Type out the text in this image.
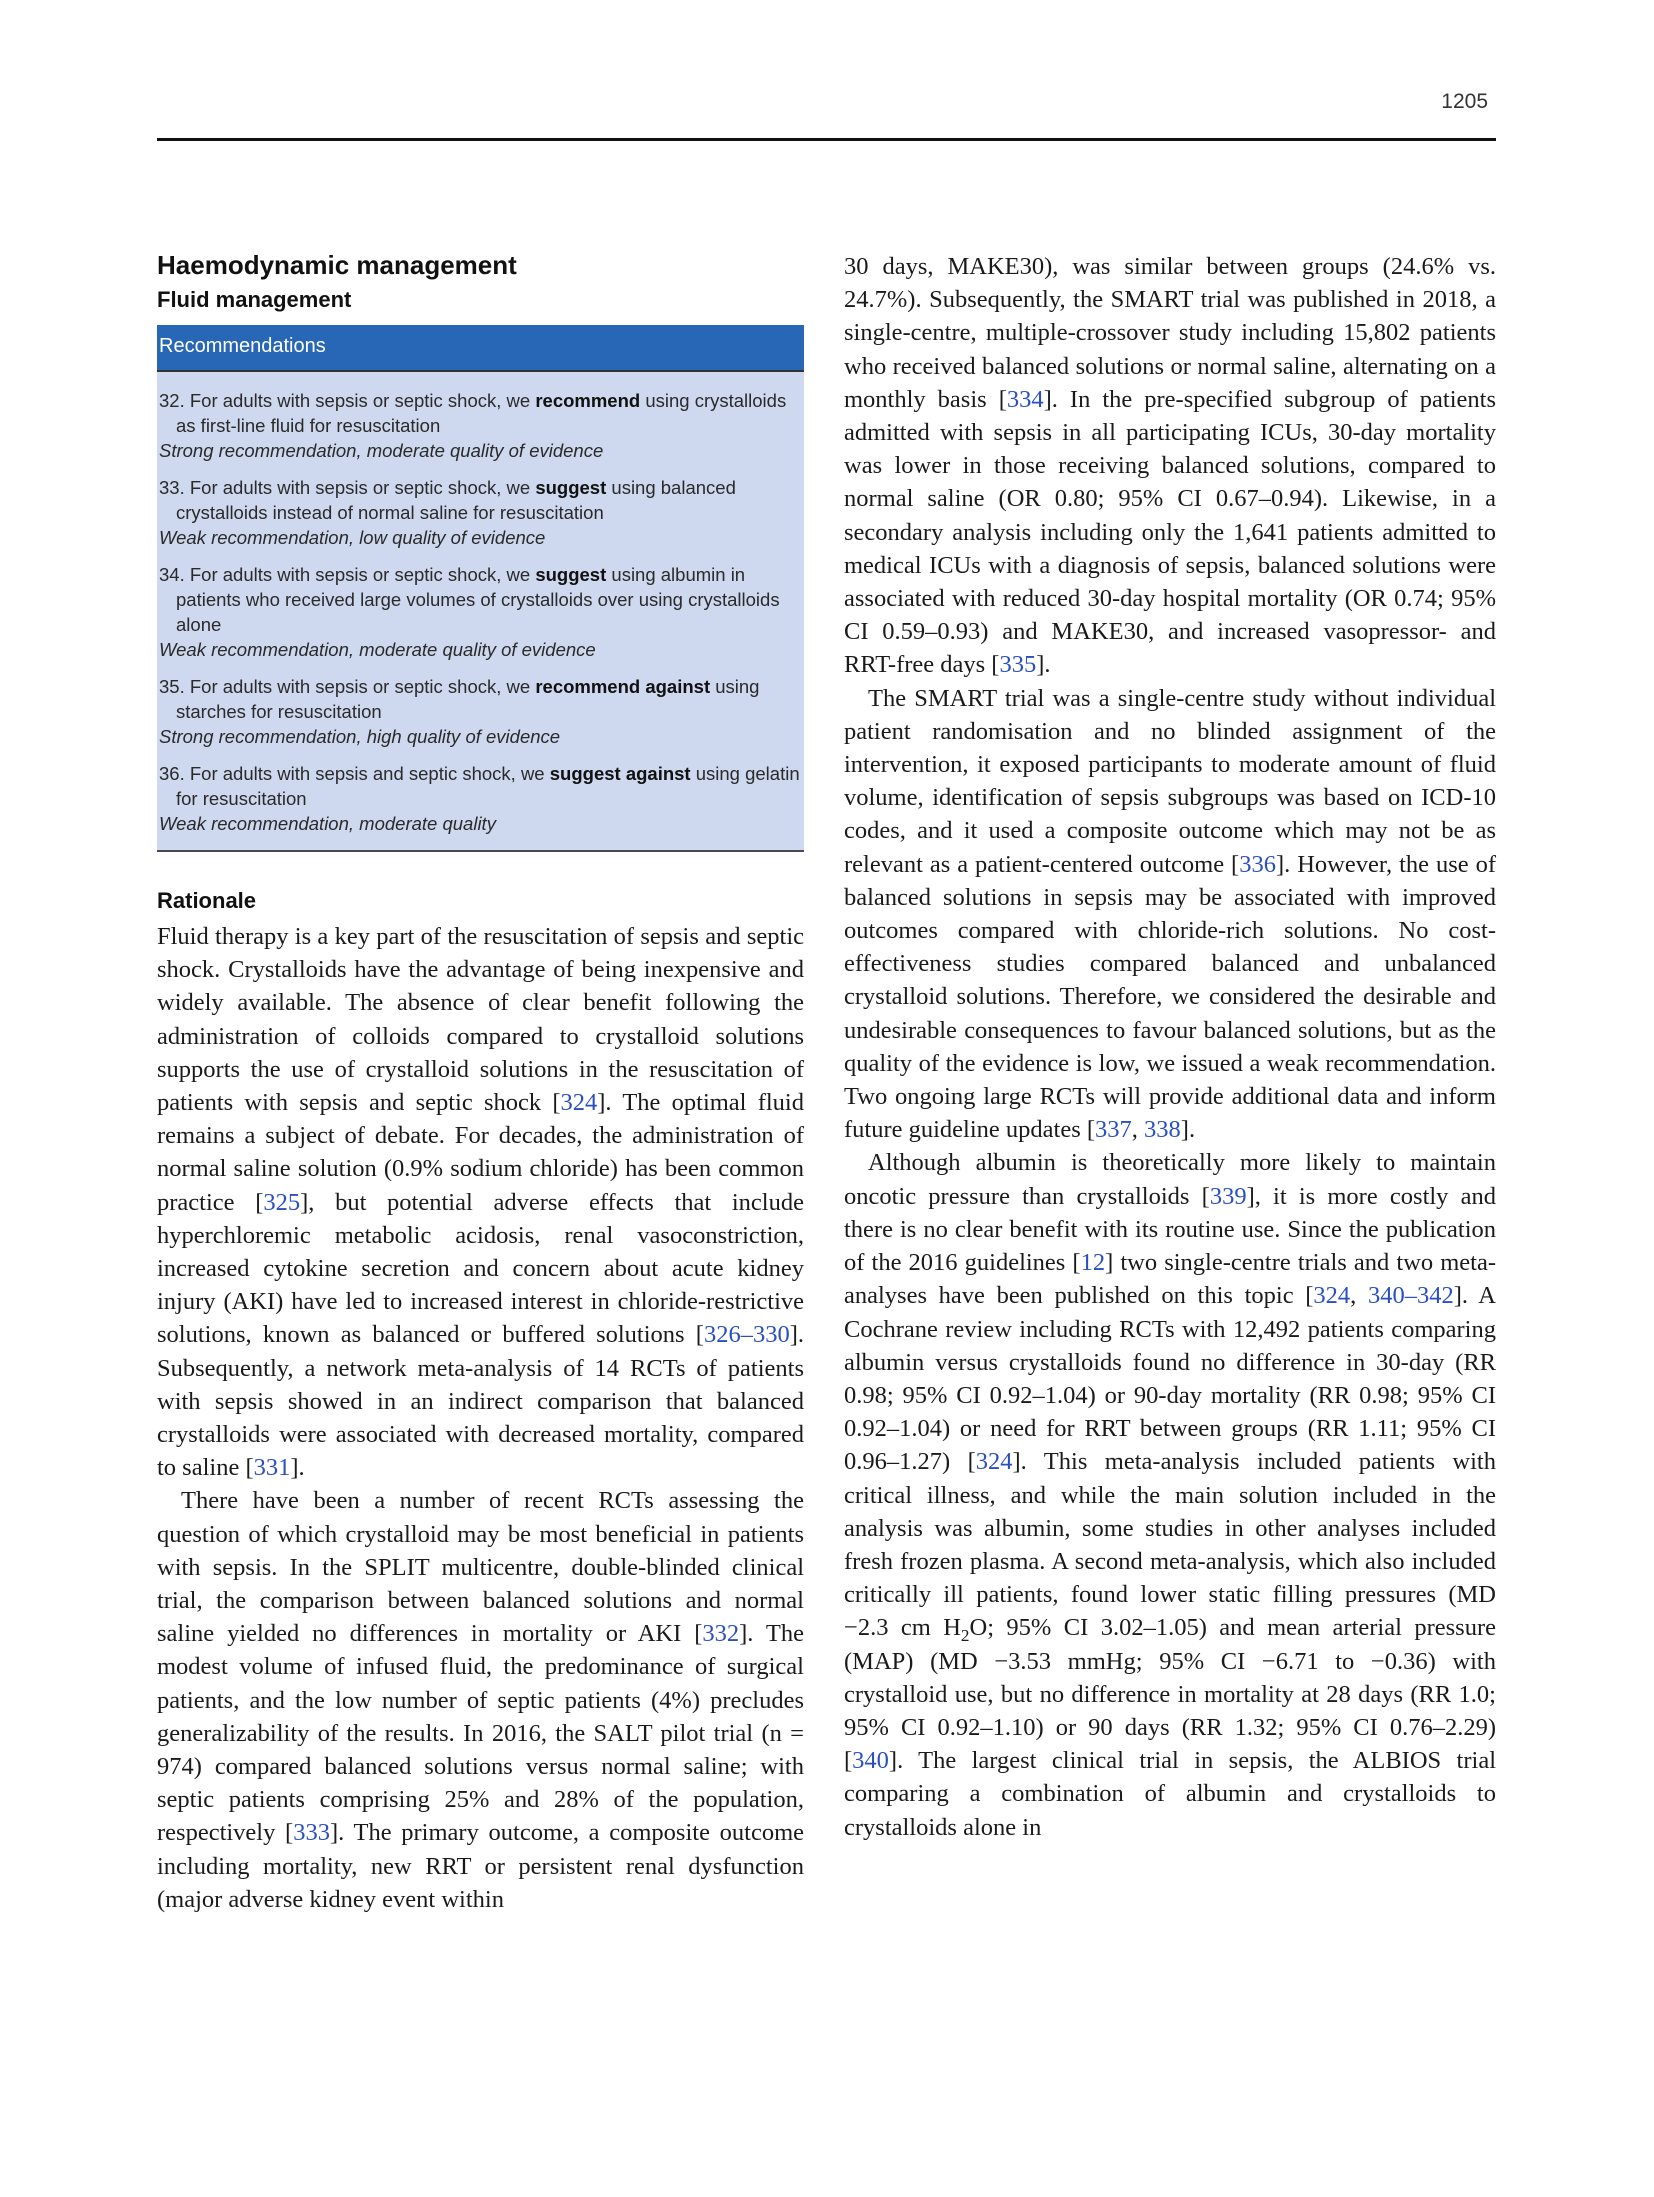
1205
Haemodynamic management
Fluid management
Recommendations
32. For adults with sepsis or septic shock, we recommend using crystalloids as first-line fluid for resuscitation
Strong recommendation, moderate quality of evidence
33. For adults with sepsis or septic shock, we suggest using balanced crystalloids instead of normal saline for resuscitation
Weak recommendation, low quality of evidence
34. For adults with sepsis or septic shock, we suggest using albumin in patients who received large volumes of crystalloids over using crystalloids alone
Weak recommendation, moderate quality of evidence
35. For adults with sepsis or septic shock, we recommend against using starches for resuscitation
Strong recommendation, high quality of evidence
36. For adults with sepsis and septic shock, we suggest against using gelatin for resuscitation
Weak recommendation, moderate quality
Rationale

Fluid therapy is a key part of the resuscitation of sepsis and septic shock. Crystalloids have the advantage of being inexpensive and widely available. The absence of clear benefit following the administration of colloids compared to crystalloid solutions supports the use of crystalloid solutions in the resuscitation of patients with sepsis and septic shock [324]. The optimal fluid remains a subject of debate. For decades, the administration of normal saline solution (0.9% sodium chloride) has been common practice [325], but potential adverse effects that include hyperchloremic metabolic acidosis, renal vasoconstriction, increased cytokine secretion and concern about acute kidney injury (AKI) have led to increased interest in chloride-restrictive solutions, known as balanced or buffered solutions [326–330]. Subsequently, a network meta-analysis of 14 RCTs of patients with sepsis showed in an indirect comparison that balanced crystalloids were associated with decreased mortality, compared to saline [331].

There have been a number of recent RCTs assessing the question of which crystalloid may be most beneficial in patients with sepsis. In the SPLIT multicentre, double-blinded clinical trial, the comparison between balanced solutions and normal saline yielded no differences in mortality or AKI [332]. The modest volume of infused fluid, the predominance of surgical patients, and the low number of septic patients (4%) precludes generalizability of the results. In 2016, the SALT pilot trial (n = 974) compared balanced solutions versus normal saline; with septic patients comprising 25% and 28% of the population, respectively [333]. The primary outcome, a composite outcome including mortality, new RRT or persistent renal dysfunction (major adverse kidney event within

30 days, MAKE30), was similar between groups (24.6% vs. 24.7%). Subsequently, the SMART trial was published in 2018, a single-centre, multiple-crossover study including 15,802 patients who received balanced solutions or normal saline, alternating on a monthly basis [334]. In the pre-specified subgroup of patients admitted with sepsis in all participating ICUs, 30-day mortality was lower in those receiving balanced solutions, compared to normal saline (OR 0.80; 95% CI 0.67–0.94). Likewise, in a secondary analysis including only the 1,641 patients admitted to medical ICUs with a diagnosis of sepsis, balanced solutions were associated with reduced 30-day hospital mortality (OR 0.74; 95% CI 0.59–0.93) and MAKE30, and increased vasopressor- and RRT-free days [335].

The SMART trial was a single-centre study without individual patient randomisation and no blinded assignment of the intervention, it exposed participants to moderate amount of fluid volume, identification of sepsis subgroups was based on ICD-10 codes, and it used a composite outcome which may not be as relevant as a patient-centered outcome [336]. However, the use of balanced solutions in sepsis may be associated with improved outcomes compared with chloride-rich solutions. No cost-effectiveness studies compared balanced and unbalanced crystalloid solutions. Therefore, we considered the desirable and undesirable consequences to favour balanced solutions, but as the quality of the evidence is low, we issued a weak recommendation. Two ongoing large RCTs will provide additional data and inform future guideline updates [337, 338].

Although albumin is theoretically more likely to maintain oncotic pressure than crystalloids [339], it is more costly and there is no clear benefit with its routine use. Since the publication of the 2016 guidelines [12] two single-centre trials and two meta-analyses have been published on this topic [324, 340–342]. A Cochrane review including RCTs with 12,492 patients comparing albumin versus crystalloids found no difference in 30-day (RR 0.98; 95% CI 0.92–1.04) or 90-day mortality (RR 0.98; 95% CI 0.92–1.04) or need for RRT between groups (RR 1.11; 95% CI 0.96–1.27) [324]. This meta-analysis included patients with critical illness, and while the main solution included in the analysis was albumin, some studies in other analyses included fresh frozen plasma. A second meta-analysis, which also included critically ill patients, found lower static filling pressures (MD −2.3 cm $H_2O$; 95% CI 3.02–1.05) and mean arterial pressure (MAP) (MD −3.53 mmHg; 95% CI −6.71 to −0.36) with crystalloid use, but no difference in mortality at 28 days (RR 1.0; 95% CI 0.92–1.10) or 90 days (RR 1.32; 95% CI 0.76–2.29) [340]. The largest clinical trial in sepsis, the ALBIOS trial comparing a combination of albumin and crystalloids to crystalloids alone in
